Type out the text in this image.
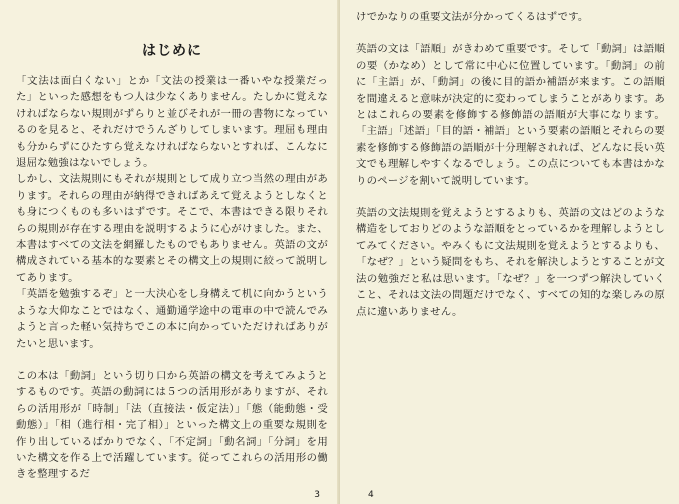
はじめに

「文法は面白くない」とか「文法の授業は一番いやな授業だった」といった感想をもつ人は少なくありません。たしかに覚えなければならない規則がずらりと並びそれが一冊の書物になっているのを見ると、それだけでうんざりしてしまいます。理屈も理由も分からずにひたすら覚えなければならないとすれば、こんなに退屈な勉強はないでしょう。

しかし、文法規則にもそれが規則として成り立つ当然の理由があります。それらの理由が納得できればあえて覚えようとしなくとも身につくものも多いはずです。そこで、本書はできる限りそれらの規則が存在する理由を説明するように心がけました。また、本書はすべての文法を網羅したものでもありません。英語の文が構成されている基本的な要素とその構文上の規則に絞って説明してあります。

「英語を勉強するぞ」と一大決心をし身構えて机に向かうというような大仰なことではなく、通勤通学途中の電車の中で読んでみようと言った軽い気持ちでこの本に向かっていただければありがたいと思います。

この本は「動詞」という切り口から英語の構文を考えてみようとするものです。英語の動詞には５つの活用形がありますが、それらの活用形が「時制」「法（直接法・仮定法）」「態（能動態・受動態）」「相（進行相・完了相）」といった構文上の重要な規則を作り出しているばかりでなく、「不定詞」「動名詞」「分詞」を用いた構文を作る上で活躍しています。従ってこれらの活用形の働きを整理するだ

3

けでかなりの重要文法が分かってくるはずです。

英語の文は「語順」がきわめて重要です。そして「動詞」は語順の要（かなめ）として常に中心に位置しています。「動詞」の前に「主語」が、「動詞」の後に目的語か補語が来ます。この語順を間違えると意味が決定的に変わってしまうことがあります。あとはこれらの要素を修飾する修飾語の語順が大事になります。「主語」「述語」「目的語・補語」という要素の語順とそれらの要素を修飾する修飾語の語順が十分理解されれば、どんなに長い英文でも理解しやすくなるでしょう。この点についても本書はかなりのページを割いて説明しています。

英語の文法規則を覚えようとするよりも、英語の文はどのような構造をしておりどのような語順をとっているかを理解しようとしてみてください。やみくもに文法規則を覚えようとするよりも、「なぜ？」という疑問をもち、それを解決しようとすることが文法の勉強だと私は思います。「なぜ？」を一つずつ解決していくこと、それは文法の問題だけでなく、すべての知的な楽しみの原点に違いありません。

4
